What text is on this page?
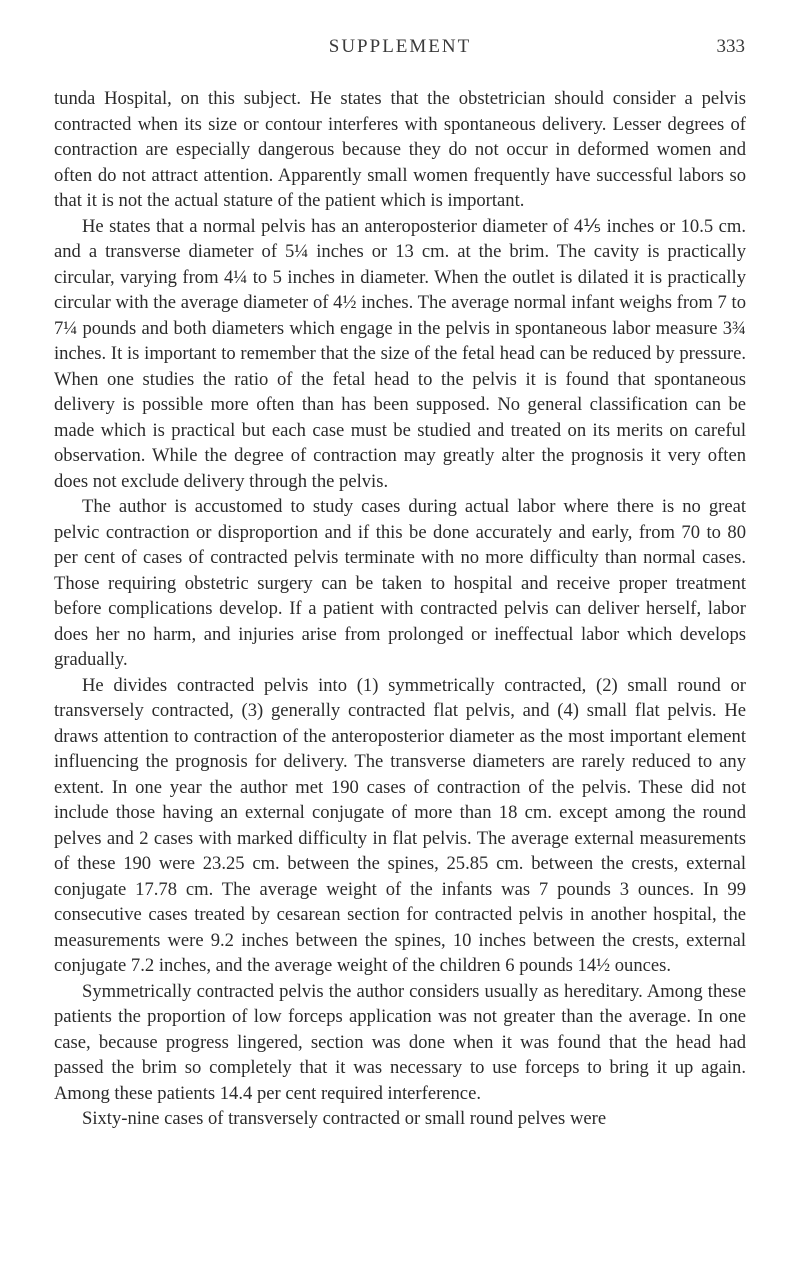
SUPPLEMENT	333

tunda Hospital, on this subject. He states that the obstetrician should consider a pelvis contracted when its size or contour interferes with spontaneous delivery. Lesser degrees of contraction are especially dangerous because they do not occur in deformed women and often do not attract attention. Apparently small women frequently have successful labors so that it is not the actual stature of the patient which is important.

He states that a normal pelvis has an anteroposterior diameter of 4⅕ inches or 10.5 cm. and a transverse diameter of 5¼ inches or 13 cm. at the brim. The cavity is practically circular, varying from 4¼ to 5 inches in diameter. When the outlet is dilated it is practically circular with the average diameter of 4½ inches. The average normal infant weighs from 7 to 7¼ pounds and both diameters which engage in the pelvis in spontaneous labor measure 3¾ inches. It is important to remember that the size of the fetal head can be reduced by pressure. When one studies the ratio of the fetal head to the pelvis it is found that spontaneous delivery is possible more often than has been supposed. No general classification can be made which is practical but each case must be studied and treated on its merits on careful observation. While the degree of contraction may greatly alter the prognosis it very often does not exclude delivery through the pelvis.

The author is accustomed to study cases during actual labor where there is no great pelvic contraction or disproportion and if this be done accurately and early, from 70 to 80 per cent of cases of contracted pelvis terminate with no more difficulty than normal cases. Those requiring obstetric surgery can be taken to hospital and receive proper treatment before complications develop. If a patient with contracted pelvis can deliver herself, labor does her no harm, and injuries arise from prolonged or ineffectual labor which develops gradually.

He divides contracted pelvis into (1) symmetrically contracted, (2) small round or transversely contracted, (3) generally contracted flat pelvis, and (4) small flat pelvis. He draws attention to contraction of the anteroposterior diameter as the most important element influencing the prognosis for delivery. The transverse diameters are rarely reduced to any extent. In one year the author met 190 cases of contraction of the pelvis. These did not include those having an external conjugate of more than 18 cm. except among the round pelves and 2 cases with marked difficulty in flat pelvis. The average external measurements of these 190 were 23.25 cm. between the spines, 25.85 cm. between the crests, external conjugate 17.78 cm. The average weight of the infants was 7 pounds 3 ounces. In 99 consecutive cases treated by cesarean section for contracted pelvis in another hospital, the measurements were 9.2 inches between the spines, 10 inches between the crests, external conjugate 7.2 inches, and the average weight of the children 6 pounds 14½ ounces.

Symmetrically contracted pelvis the author considers usually as hereditary. Among these patients the proportion of low forceps application was not greater than the average. In one case, because progress lingered, section was done when it was found that the head had passed the brim so completely that it was necessary to use forceps to bring it up again. Among these patients 14.4 per cent required interference.

Sixty-nine cases of transversely contracted or small round pelves were
